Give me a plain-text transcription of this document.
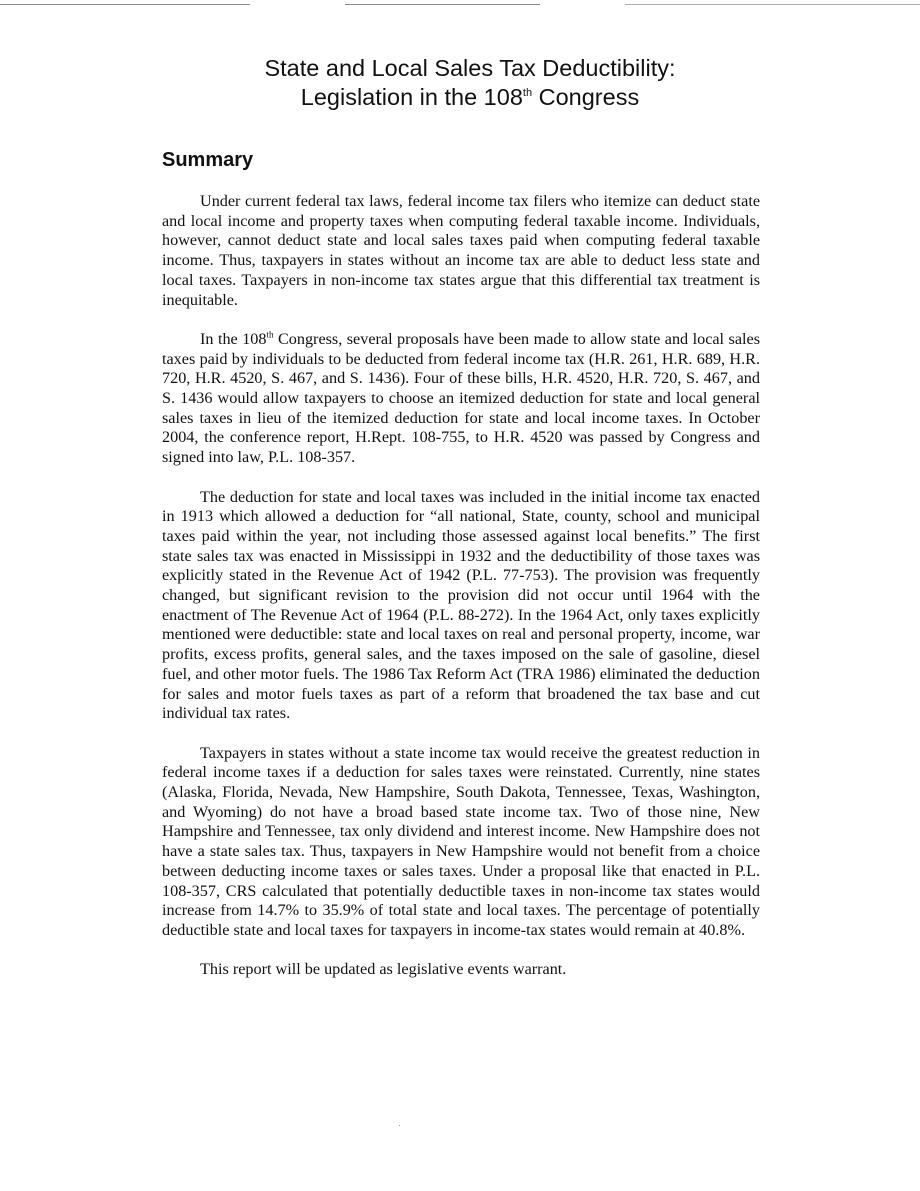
State and Local Sales Tax Deductibility:
Legislation in the 108th Congress
Summary

Under current federal tax laws, federal income tax filers who itemize can deduct state and local income and property taxes when computing federal taxable income. Individuals, however, cannot deduct state and local sales taxes paid when computing federal taxable income. Thus, taxpayers in states without an income tax are able to deduct less state and local taxes. Taxpayers in non-income tax states argue that this differential tax treatment is inequitable.

In the 108th Congress, several proposals have been made to allow state and local sales taxes paid by individuals to be deducted from federal income tax (H.R. 261, H.R. 689, H.R. 720, H.R. 4520, S. 467, and S. 1436). Four of these bills, H.R. 4520, H.R. 720, S. 467, and S. 1436 would allow taxpayers to choose an itemized deduction for state and local general sales taxes in lieu of the itemized deduction for state and local income taxes. In October 2004, the conference report, H.Rept. 108-755, to H.R. 4520 was passed by Congress and signed into law, P.L. 108-357.

The deduction for state and local taxes was included in the initial income tax enacted in 1913 which allowed a deduction for “all national, State, county, school and municipal taxes paid within the year, not including those assessed against local benefits.” The first state sales tax was enacted in Mississippi in 1932 and the deductibility of those taxes was explicitly stated in the Revenue Act of 1942 (P.L. 77-753). The provision was frequently changed, but significant revision to the provision did not occur until 1964 with the enactment of The Revenue Act of 1964 (P.L. 88-272). In the 1964 Act, only taxes explicitly mentioned were deductible: state and local taxes on real and personal property, income, war profits, excess profits, general sales, and the taxes imposed on the sale of gasoline, diesel fuel, and other motor fuels. The 1986 Tax Reform Act (TRA 1986) eliminated the deduction for sales and motor fuels taxes as part of a reform that broadened the tax base and cut individual tax rates.

Taxpayers in states without a state income tax would receive the greatest reduction in federal income taxes if a deduction for sales taxes were reinstated. Currently, nine states (Alaska, Florida, Nevada, New Hampshire, South Dakota, Tennessee, Texas, Washington, and Wyoming) do not have a broad based state income tax. Two of those nine, New Hampshire and Tennessee, tax only dividend and interest income. New Hampshire does not have a state sales tax. Thus, taxpayers in New Hampshire would not benefit from a choice between deducting income taxes or sales taxes. Under a proposal like that enacted in P.L. 108-357, CRS calculated that potentially deductible taxes in non-income tax states would increase from 14.7% to 35.9% of total state and local taxes. The percentage of potentially deductible state and local taxes for taxpayers in income-tax states would remain at 40.8%.

This report will be updated as legislative events warrant.
